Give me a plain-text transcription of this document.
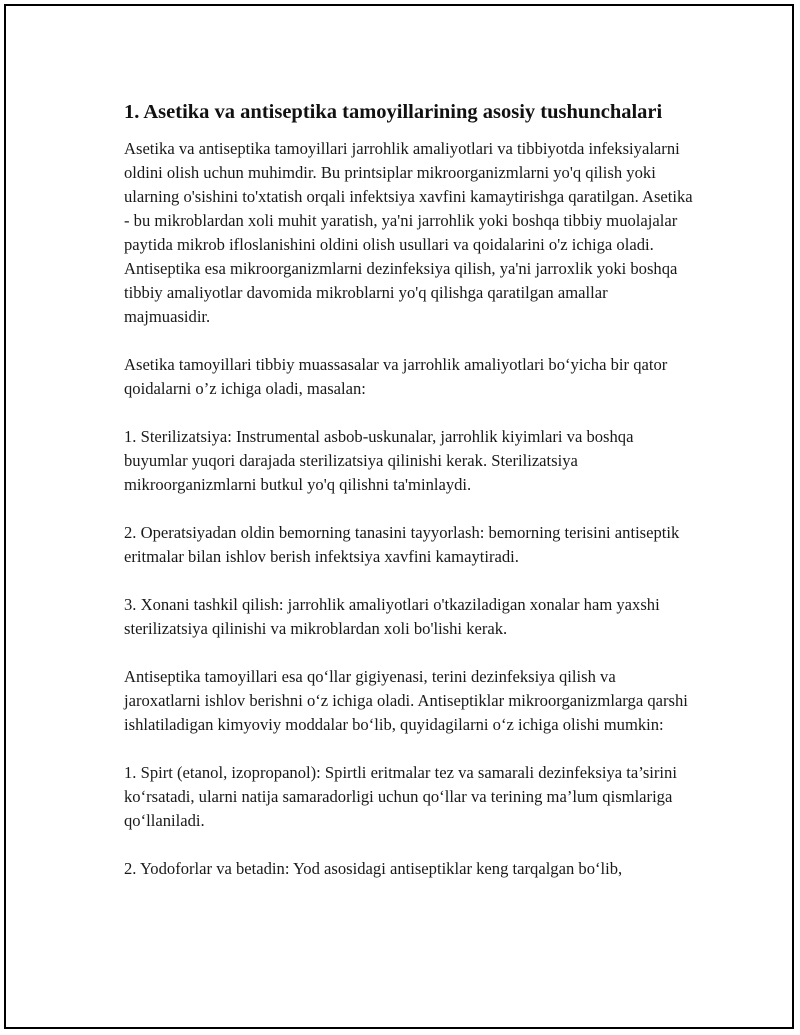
1. Asetika va antiseptika tamoyillarining asosiy tushunchalari

Asetika va antiseptika tamoyillari jarrohlik amaliyotlari va tibbiyotda infeksiyalarni oldini olish uchun muhimdir. Bu printsiplar mikroorganizmlarni yo'q qilish yoki ularning o'sishini to'xtatish orqali infektsiya xavfini kamaytirishga qaratilgan. Asetika - bu mikroblardan xoli muhit yaratish, ya'ni jarrohlik yoki boshqa tibbiy muolajalar paytida mikrob ifloslanishini oldini olish usullari va qoidalarini o'z ichiga oladi. Antiseptika esa mikroorganizmlarni dezinfeksiya qilish, ya'ni jarroxlik yoki boshqa tibbiy amaliyotlar davomida mikroblarni yo'q qilishga qaratilgan amallar majmuasidir.

Asetika tamoyillari tibbiy muassasalar va jarrohlik amaliyotlari bo‘yicha bir qator qoidalarni o’z ichiga oladi, masalan:

1. Sterilizatsiya: Instrumental asbob-uskunalar, jarrohlik kiyimlari va boshqa buyumlar yuqori darajada sterilizatsiya qilinishi kerak. Sterilizatsiya mikroorganizmlarni butkul yo'q qilishni ta'minlaydi.

2. Operatsiyadan oldin bemorning tanasini tayyorlash: bemorning terisini antiseptik eritmalar bilan ishlov berish infektsiya xavfini kamaytiradi.

3. Xonani tashkil qilish: jarrohlik amaliyotlari o'tkaziladigan xonalar ham yaxshi sterilizatsiya qilinishi va mikroblardan xoli bo'lishi kerak.

Antiseptika tamoyillari esa qo‘llar gigiyenasi, terini dezinfeksiya qilish va jaroxatlarni ishlov berishni o‘z ichiga oladi. Antiseptiklar mikroorganizmlarga qarshi ishlatiladigan kimyoviy moddalar bo‘lib, quyidagilarni o‘z ichiga olishi mumkin:

1. Spirt (etanol, izopropanol): Spirtli eritmalar tez va samarali dezinfeksiya ta’sirini ko‘rsatadi, ularni natija samaradorligi uchun qo‘llar va terining ma’lum qismlariga qo‘llaniladi.

2. Yodoforlar va betadin: Yod asosidagi antiseptiklar keng tarqalgan bo‘lib,
